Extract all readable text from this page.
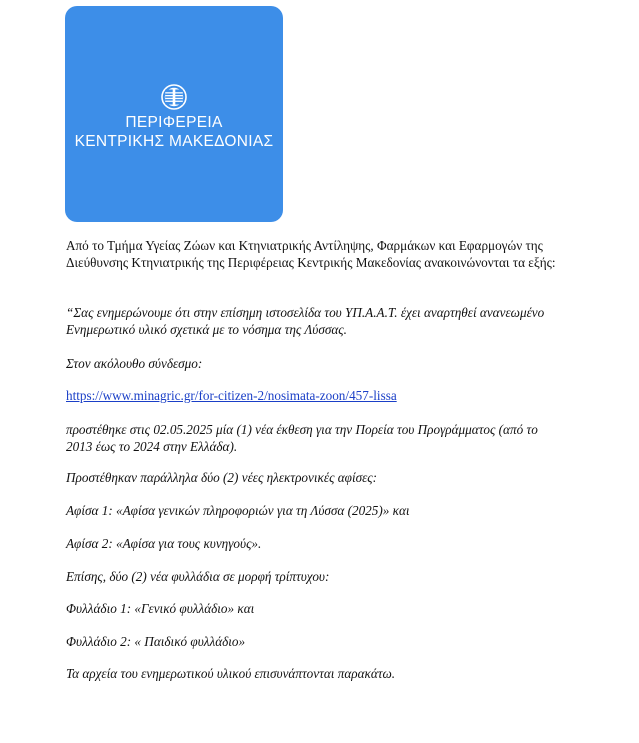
ΠΕΡΙΦΕΡΕΙΑ
ΚΕΝΤΡΙΚΗΣ ΜΑΚΕΔΟΝΙΑΣ

Από το Τμήμα Υγείας Ζώων και Κτηνιατρικής Αντίληψης, Φαρμάκων και Εφαρμογών της Διεύθυνσης Κτηνιατρικής της Περιφέρειας Κεντρικής Μακεδονίας ανακοινώνονται τα εξής:

“Σας ενημερώνουμε ότι στην επίσημη ιστοσελίδα του ΥΠ.Α.Α.Τ. έχει αναρτηθεί ανανεωμένο Ενημερωτικό υλικό σχετικά με το νόσημα της Λύσσας.

Στον ακόλουθο σύνδεσμο:

https://www.minagric.gr/for-citizen-2/nosimata-zoon/457-lissa

προστέθηκε στις 02.05.2025 μία (1) νέα έκθεση για την Πορεία του Προγράμματος (από το 2013 έως το 2024 στην Ελλάδα).

Προστέθηκαν παράλληλα δύο (2) νέες ηλεκτρονικές αφίσες:

Αφίσα 1: «Αφίσα γενικών πληροφοριών για τη Λύσσα (2025)» και

Αφίσα 2: «Αφίσα για τους κυνηγούς».

Επίσης, δύο (2) νέα φυλλάδια σε μορφή τρίπτυχου:

Φυλλάδιο 1: «Γενικό φυλλάδιο» και

Φυλλάδιο 2: « Παιδικό φυλλάδιο»

Τα αρχεία του ενημερωτικού υλικού επισυνάπτονται παρακάτω.
